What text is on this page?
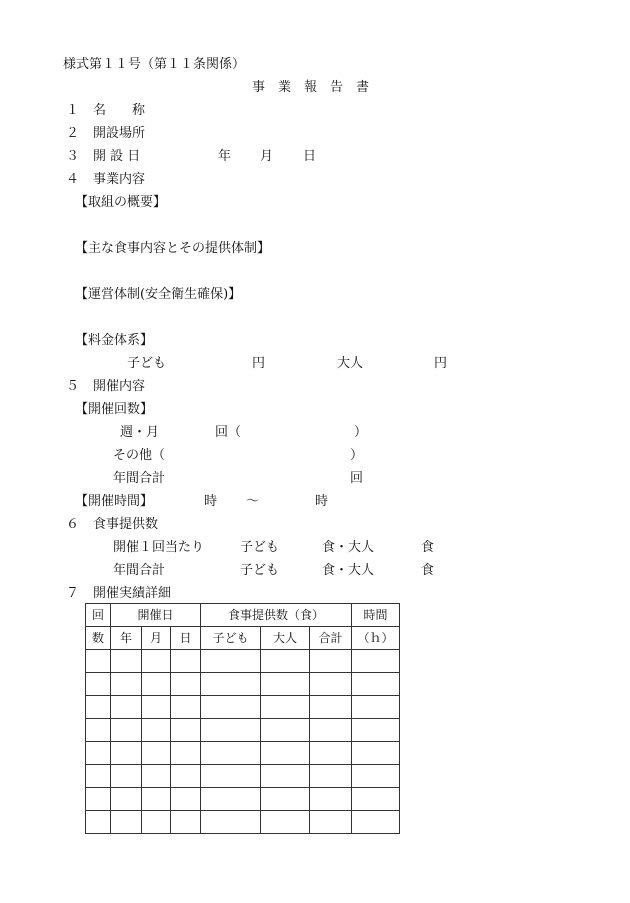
様式第１１号（第１１条関係）
事　業　報　告　書
１ 名　　称
２ 開設場所
３ 開 設 日	年 月 日
４ 事業内容
【取組の概要】
【主な食事内容とその提供体制】
【運営体制(安全衛生確保)】
【料金体系】
子ども	円	大人	円
５ 開催内容
【開催回数】
週・月	回（	）
その他（	）
年間合計	回
【開催時間】	時 ～	時
６ 食事提供数
開催１回当たり	子ども	食・大人	食
年間合計	子ども	食・大人	食
７ 開催実績詳細
回	開催日			食事提供数（食）			時間
数	年	月	日	子ども	大人	合計	（ｈ）
